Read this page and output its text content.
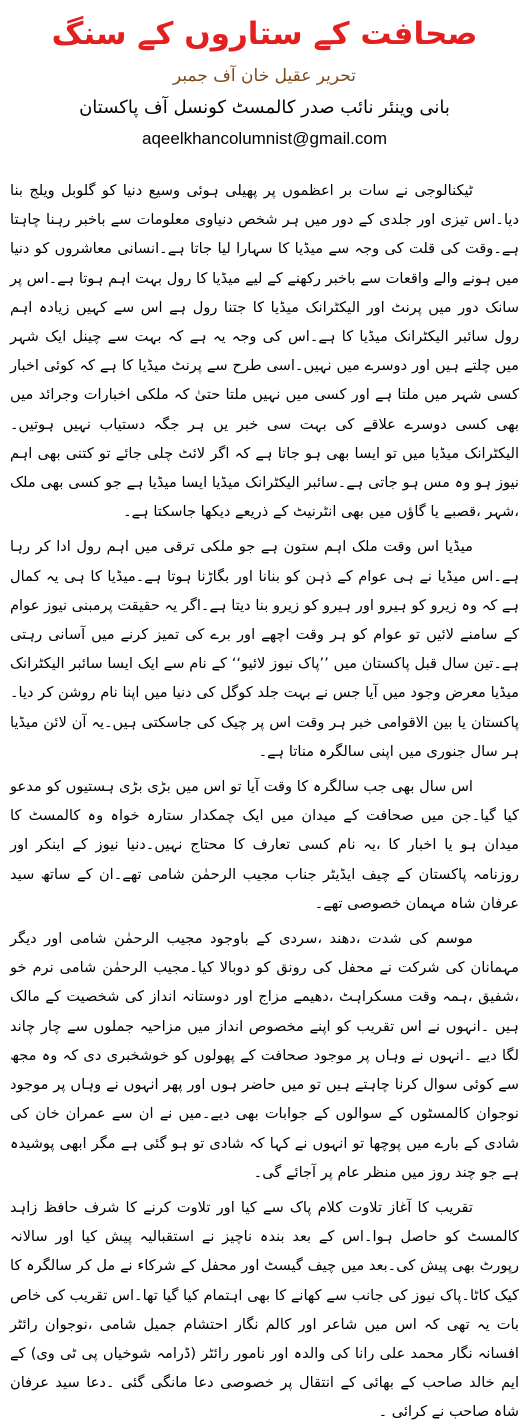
صحافت کے ستاروں کے سنگ

تحریر عقیل خان آف جمبر

بانی وینئر نائب صدر کالمسٹ کونسل آف پاکستان

aqeelkhancolumnist@gmail.com

ٹیکنالوجی نے سات بر اعظموں پر پھیلی ہوئی وسیع دنیا کو گلوبل ویلج بنا دیا۔اس تیزی اور جلدی کے دور میں ہر شخص دنیاوی معلومات سے باخبر رہنا چاہتا ہے۔وقت کی قلت کی وجہ سے میڈیا کا سہارا لیا جاتا ہے۔انسانی معاشروں کو دنیا میں ہونے والے واقعات سے باخبر رکھنے کے لیے میڈیا کا رول بہت اہم ہوتا ہے۔اس پر سانک دور میں پرنٹ اور الیکٹرانک میڈیا کا جتنا رول ہے اس سے کہیں زیادہ اہم رول سائبر الیکٹرانک میڈیا کا ہے۔اس کی وجہ یہ ہے کہ بہت سے چینل ایک شہر میں چلتے ہیں اور دوسرے میں نہیں۔اسی طرح سے پرنٹ میڈیا کا ہے کہ کوئی اخبار کسی شہر میں ملتا ہے اور کسی میں نہیں ملتا حتیٰ کہ ملکی اخبارات وجرائد میں بھی کسی دوسرے علاقے کی بہت سی خبر یں ہر جگہ دستیاب نہیں ہوتیں۔الیکٹرانک میڈیا میں تو ایسا بھی ہو جاتا ہے کہ اگر لائٹ چلی جائے تو کتنی بھی اہم نیوز ہو وہ مس ہو جاتی ہے۔سائبر الیکٹرانک میڈیا ایسا میڈیا ہے جو کسی بھی ملک ،شہر ،قصبے یا گاؤں میں بھی انٹرنیٹ کے ذریعے دیکھا جاسکتا ہے۔

میڈیا اس وقت ملک اہم ستون ہے جو ملکی ترقی میں اہم رول ادا کر رہا ہے۔اس میڈیا نے ہی عوام کے ذہن کو بنانا اور بگاڑنا ہوتا ہے۔میڈیا کا ہی یہ کمال ہے کہ وہ زیرو کو ہیرو اور ہیرو کو زیرو بنا دیتا ہے۔اگر یہ حقیقت پرمبنی نیوز عوام کے سامنے لائیں تو عوام کو ہر وقت اچھے اور برے کی تمیز کرنے میں آسانی رہتی ہے۔تین سال قبل پاکستان میں ’’پاک نیوز لائیو‘‘ کے نام سے ایک ایسا سائبر الیکٹرانک میڈیا معرض وجود میں آیا جس نے بہت جلد کوگل کی دنیا میں اپنا نام روشن کر دیا۔پاکستان یا بین الاقوامی خبر ہر وقت اس پر چیک کی جاسکتی ہیں۔یہ آن لائن میڈیا ہر سال جنوری میں اپنی سالگرہ مناتا ہے۔

اس سال بھی جب سالگرہ کا وقت آیا تو اس میں بڑی بڑی ہستیوں کو مدعو کیا گیا۔جن میں صحافت کے میدان میں ایک چمکدار ستارہ خواہ وہ کالمسٹ کا میدان ہو یا اخبار کا ،یہ نام کسی تعارف کا محتاج نہیں۔دنیا نیوز کے اینکر اور روزنامہ پاکستان کے چیف ایڈیٹر جناب مجیب الرحمٰن شامی تھے۔ان کے ساتھ سید عرفان شاہ مہمان خصوصی تھے۔

موسم کی شدت ،دھند ،سردی کے باوجود مجیب الرحمٰن شامی اور دیگر مہمانان کی شرکت نے محفل کی رونق کو دوبالا کیا۔مجیب الرحمٰن شامی نرم خو ،شفیق ،ہمہ وقت مسکراہٹ ،دھیمے مزاج اور دوستانہ انداز کی شخصیت کے مالک ہیں ۔انہوں نے اس تقریب کو اپنے مخصوص انداز میں مزاحیہ جملوں سے چار چاند لگا دیے ۔انہوں نے وہاں پر موجود صحافت کے پھولوں کو خوشخبری دی کہ وہ مجھ سے کوئی سوال کرنا چاہتے ہیں تو میں حاضر ہوں اور پھر انہوں نے وہاں پر موجود نوجوان کالمسٹوں کے سوالوں کے جوابات بھی دیے۔میں نے ان سے عمران خان کی شادی کے بارے میں پوچھا تو انہوں نے کہا کہ شادی تو ہو گئی ہے مگر ابھی پوشیدہ ہے جو چند روز میں منظر عام پر آجائے گی۔

تقریب کا آغاز تلاوت کلام پاک سے کیا اور تلاوت کرنے کا شرف حافظ زاہد کالمسٹ کو حاصل ہوا۔اس کے بعد بندہ ناچیز نے استقبالیہ پیش کیا اور سالانہ رپورٹ بھی پیش کی۔بعد میں چیف گیسٹ اور محفل کے شرکاء نے مل کر سالگرہ کا کیک کاٹا۔پاک نیوز کی جانب سے کھانے کا بھی اہتمام کیا گیا تھا۔اس تقریب کی خاص بات یہ تھی کہ اس میں شاعر اور کالم نگار احتشام جمیل شامی ،نوجوان رائٹر افسانہ نگار محمد علی رانا کی والدہ اور نامور رائٹر (ڈرامہ شوخیاں پی ٹی وی) کے ایم خالد صاحب کے بھائی کے انتقال پر خصوصی دعا مانگی گئی ۔دعا سید عرفان شاہ صاحب نے کرائی ۔
